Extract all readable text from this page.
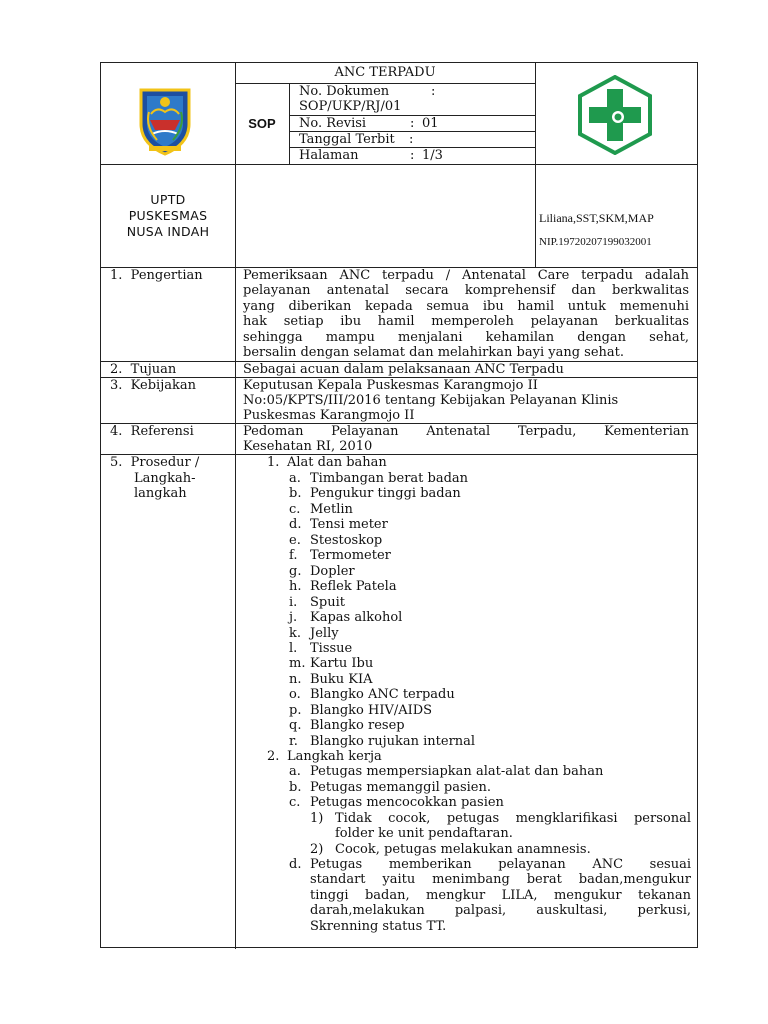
ANC TERPADU
SOP
No. Dokumen	:
SOP/UKP/RJ/01
No. Revisi	: 01
Tanggal Terbit :
Halaman	: 1/3
UPTD
PUSKESMAS
NUSA INDAH
Liliana,SST,SKM,MAP
NIP.19720207199032001
1.  Pengertian	Pemeriksaan ANC terpadu / Antenatal Care terpadu adalah
pelayanan antenatal secara komprehensif dan berkwalitas
yang diberikan kepada semua ibu hamil untuk memenuhi
hak setiap ibu hamil memperoleh pelayanan berkualitas
sehingga mampu menjalani kehamilan dengan sehat,
bersalin dengan selamat dan melahirkan bayi yang sehat.
2.  Tujuan	Sebagai acuan dalam pelaksanaan ANC Terpadu
3.  Kebijakan	Keputusan Kepala Puskesmas Karangmojo II
No:05/KPTS/III/2016 tentang Kebijakan Pelayanan Klinis
Puskesmas Karangmojo II
4.  Referensi	Pedoman Pelayanan Antenatal Terpadu, Kementerian
Kesehatan RI, 2010
5.  Prosedur /
Langkah-
langkah
1. Alat dan bahan
a. Timbangan berat badan
b. Pengukur tinggi badan
c. Metlin
d. Tensi meter
e. Stestoskop
f. Termometer
g. Dopler
h. Reflek Patela
i. Spuit
j. Kapas alkohol
k. Jelly
l. Tissue
m. Kartu Ibu
n. Buku KIA
o. Blangko ANC terpadu
p. Blangko HIV/AIDS
q. Blangko resep
r. Blangko rujukan internal
2. Langkah kerja
a. Petugas mempersiapkan alat-alat dan bahan
b. Petugas memanggil pasien.
c. Petugas mencocokkan pasien
1) Tidak cocok, petugas mengklarifikasi personal
folder ke unit pendaftaran.
2) Cocok, petugas melakukan anamnesis.
d. Petugas memberikan pelayanan ANC sesuai
standart yaitu menimbang berat badan,mengukur
tinggi badan, mengkur LILA, mengukur tekanan
darah,melakukan palpasi, auskultasi, perkusi,
Skrenning status TT.
